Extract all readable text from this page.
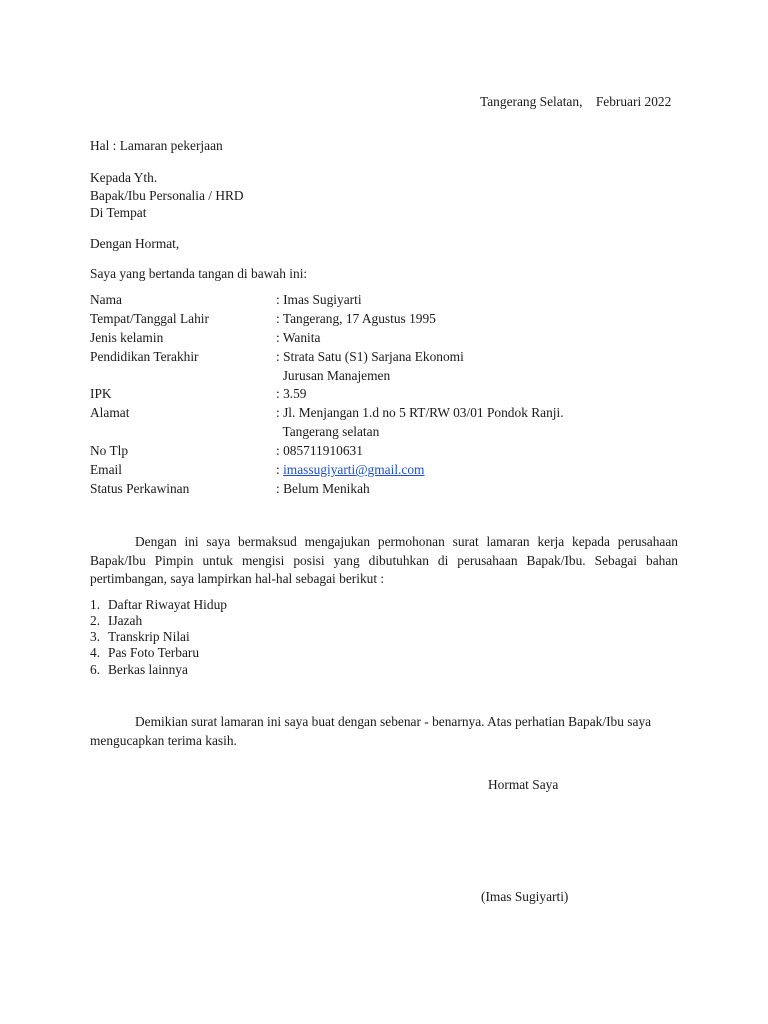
Tangerang Selatan,    Februari 2022
Hal : Lamaran pekerjaan
Kepada Yth.
Bapak/Ibu Personalia / HRD
Di Tempat
Dengan Hormat,
Saya yang bertanda tangan di bawah ini:
Nama	: Imas Sugiyarti
Tempat/Tanggal Lahir	: Tangerang, 17 Agustus 1995
Jenis kelamin	: Wanita
Pendidikan Terakhir	: Strata Satu (S1) Sarjana Ekonomi
Jurusan Manajemen
IPK	: 3.59
Alamat	: Jl. Menjangan 1.d no 5 RT/RW 03/01 Pondok Ranji.
Tangerang selatan
No Tlp	: 085711910631
Email	: imassugiyarti@gmail.com
Status Perkawinan	: Belum Menikah
Dengan ini saya bermaksud mengajukan permohonan surat lamaran kerja kepada perusahaan
Bapak/Ibu Pimpin untuk mengisi posisi yang dibutuhkan di perusahaan Bapak/Ibu. Sebagai bahan
pertimbangan, saya lampirkan hal-hal sebagai berikut :
1. Daftar Riwayat Hidup
2. IJazah
3. Transkrip Nilai
4. Pas Foto Terbaru
6. Berkas lainnya
Demikian surat lamaran ini saya buat dengan sebenar - benarnya. Atas perhatian Bapak/Ibu saya
mengucapkan terima kasih.
Hormat Saya
(Imas Sugiyarti)
